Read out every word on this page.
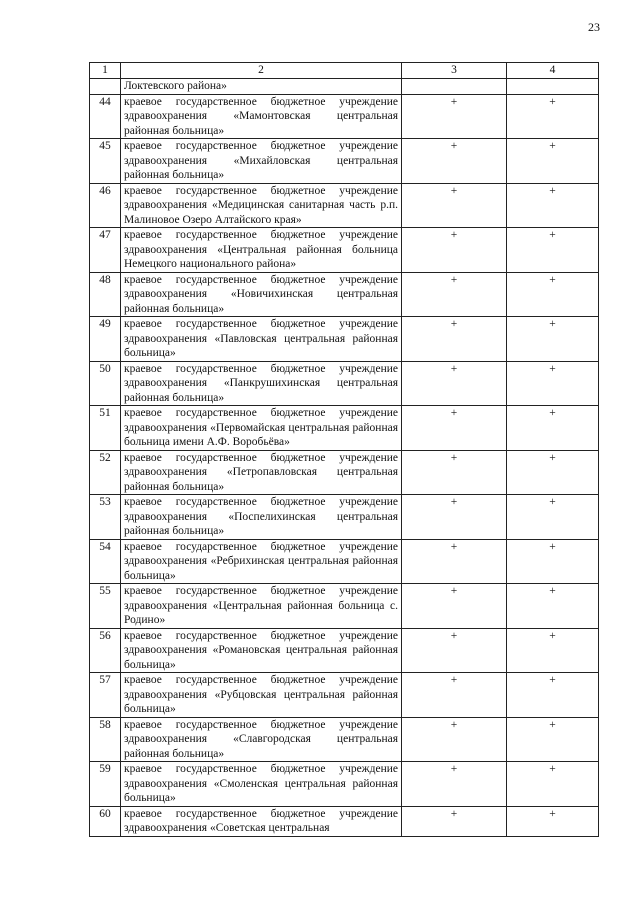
23
1	2	3	4
	Локтевского района»		
44	краевое государственное бюджетное учреждение здравоохранения «Мамонтовская центральная районная больница»	+	+
45	краевое государственное бюджетное учреждение здравоохранения «Михайловская центральная районная больница»	+	+
46	краевое государственное бюджетное учреждение здравоохранения «Медицинская санитарная часть р.п. Малиновое Озеро Алтайского края»	+	+
47	краевое государственное бюджетное учреждение здравоохранения «Центральная районная больница Немецкого национального района»	+	+
48	краевое государственное бюджетное учреждение здравоохранения «Новичихинская центральная районная больница»	+	+
49	краевое государственное бюджетное учреждение здравоохранения «Павловская центральная районная больница»	+	+
50	краевое государственное бюджетное учреждение здравоохранения «Панкрушихинская центральная районная больница»	+	+
51	краевое государственное бюджетное учреждение здравоохранения «Первомайская центральная районная больница имени А.Ф. Воробьёва»	+	+
52	краевое государственное бюджетное учреждение здравоохранения «Петропавловская центральная районная больница»	+	+
53	краевое государственное бюджетное учреждение здравоохранения «Поспелихинская центральная районная больница»	+	+
54	краевое государственное бюджетное учреждение здравоохранения «Ребрихинская центральная районная больница»	+	+
55	краевое государственное бюджетное учреждение здравоохранения «Центральная районная больница с. Родино»	+	+
56	краевое государственное бюджетное учреждение здравоохранения «Романовская центральная районная больница»	+	+
57	краевое государственное бюджетное учреждение здравоохранения «Рубцовская центральная районная больница»	+	+
58	краевое государственное бюджетное учреждение здравоохранения «Славгородская центральная районная больница»	+	+
59	краевое государственное бюджетное учреждение здравоохранения «Смоленская центральная районная больница»	+	+
60	краевое государственное бюджетное учреждение здравоохранения «Советская центральная	+	+
